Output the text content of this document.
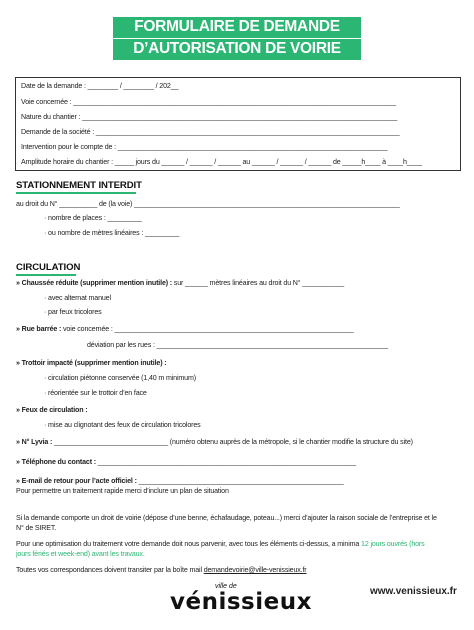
FORMULAIRE DE DEMANDE
D’AUTORISATION DE VOIRIE
Date de la demande : ________ / ________ / 202__
Voie concernée : _____________________________________________________________________________________
Nature du chantier : ___________________________________________________________________________________
Demande de la société : ________________________________________________________________________________
Intervention pour le compte de : _______________________________________________________________________
Amplitude horaire du chantier : _____ jours du ______ / ______ / ______ au ______ / ______ / ______ de _____h____ à ____h____
STATIONNEMENT INTERDIT
au droit du N° __________ de (la voie) ______________________________________________________________________
· nombre de places : _________
· ou nombre de mètres linéaires : _________
CIRCULATION
» Chaussée réduite (supprimer mention inutile) : sur ______ mètres linéaires au droit du N° ___________
· avec alternat manuel
· par feux tricolores
» Rue barrée : voie concernée : _______________________________________________________________
déviation par les rues : _____________________________________________________________
» Trottoir impacté (supprimer mention inutile) :
· circulation piétonne conservée (1,40 m minimum)
· réorientée sur le trottoir d’en face
» Feux de circulation :
· mise au clignotant des feux de circulation tricolores
» N° Lyvia : ______________________________ (numéro obtenu auprès de la métropole, si le chantier modifie la structure du site)
» Téléphone du contact : ____________________________________________________________________
» E-mail de retour pour l’acte officiel : ______________________________________________________
Pour permettre un traitement rapide merci d’inclure un plan de situation
Si la demande comporte un droit de voirie (dépose d’une benne, échafaudage, poteau...) merci d’ajouter la raison sociale de l’entreprise et le
N° de SIRET.
Pour une optimisation du traitement votre demande doit nous parvenir, avec tous les éléments ci-dessus, a minima 12 jours ouvrés (hors
jours fériés et week-end) avant les travaux.
Toutes vos correspondances doivent transiter par la boîte mail demandevoirie@ville-venissieux.fr
ville de
vénissieux	www.venissieux.fr
